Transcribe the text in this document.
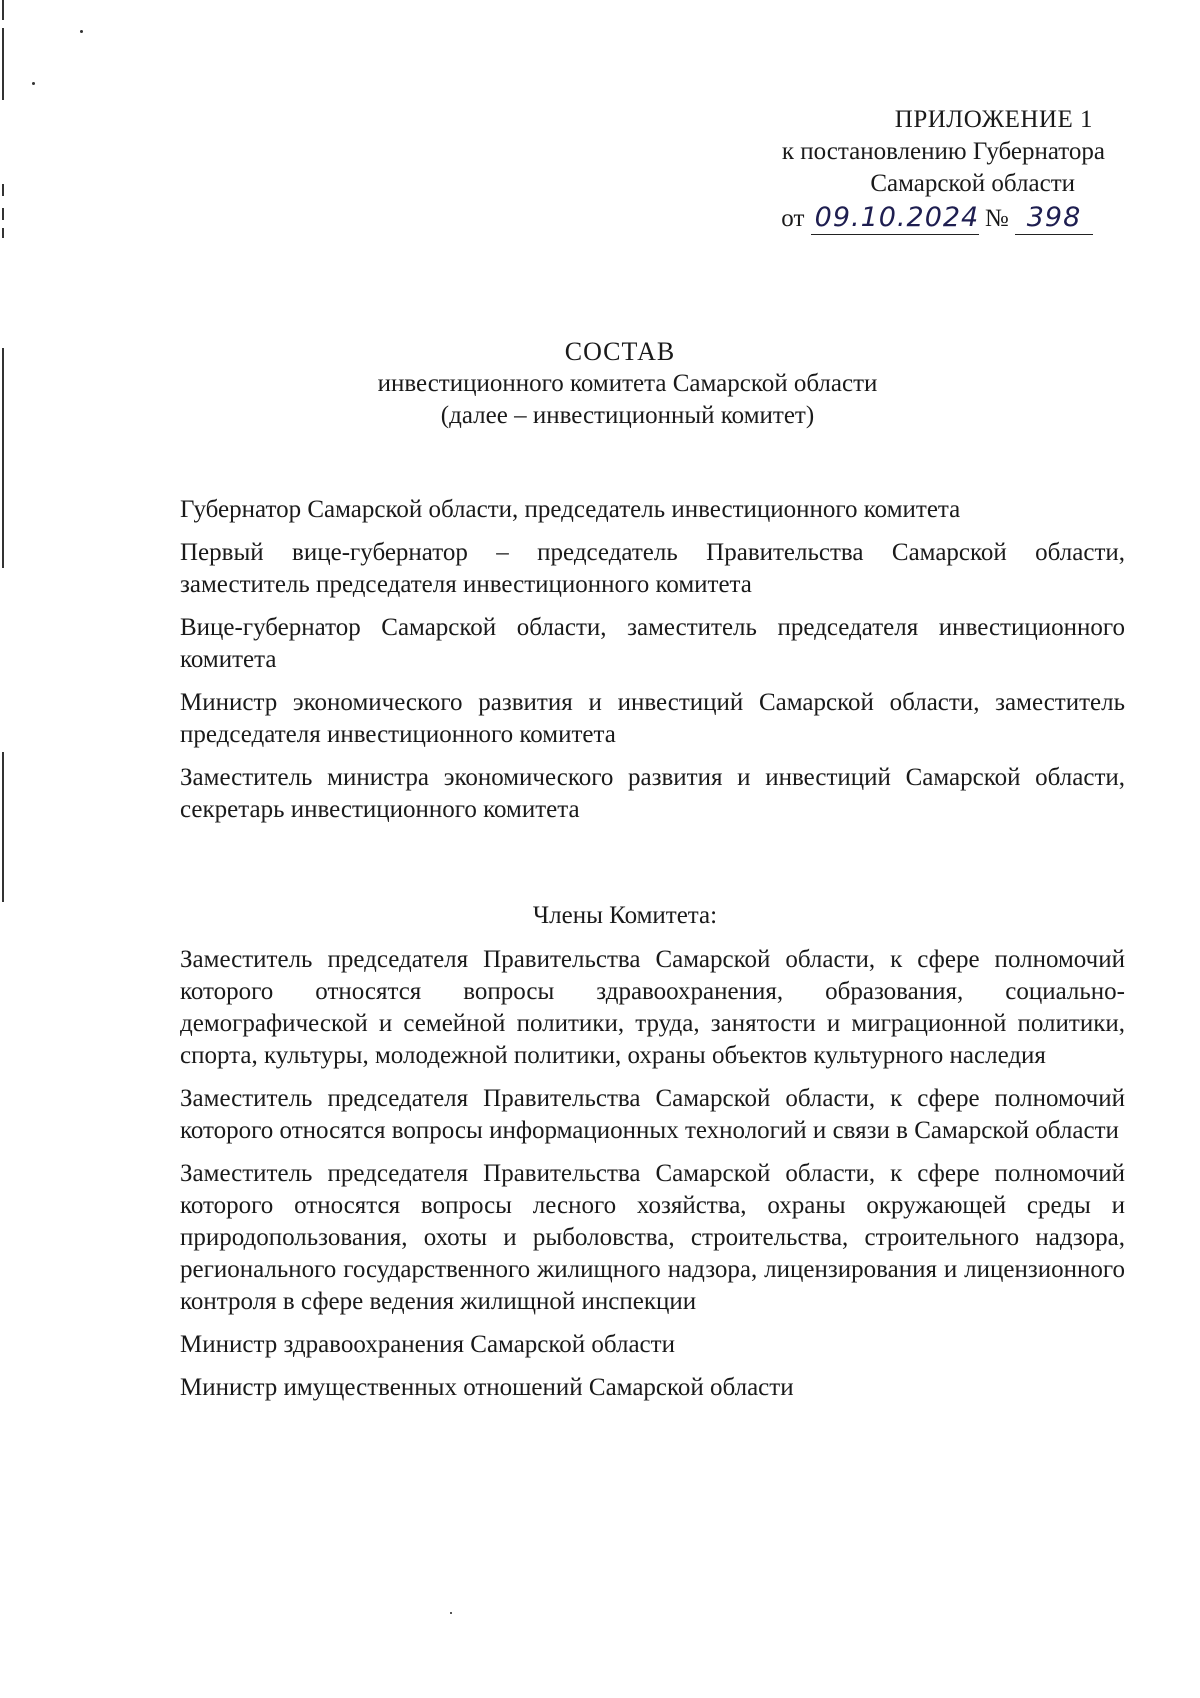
ПРИЛОЖЕНИЕ 1
к постановлению Губернатора
Самарской области
от 09.10.2024 № 398
СОСТАВ
инвестиционного комитета Самарской области
(далее – инвестиционный комитет)

Губернатор Самарской области, председатель инвестиционного комитета

Первый вице-губернатор – председатель Правительства Самарской области, заместитель председателя инвестиционного комитета

Вице-губернатор Самарской области, заместитель председателя инвестиционного комитета

Министр экономического развития и инвестиций Самарской области, заместитель председателя инвестиционного комитета

Заместитель министра экономического развития и инвестиций Самарской области, секретарь инвестиционного комитета

Члены Комитета:

Заместитель председателя Правительства Самарской области, к сфере полномочий которого относятся вопросы здравоохранения, образования, социально-демографической и семейной политики, труда, занятости и миграционной политики, спорта, культуры, молодежной политики, охраны объектов культурного наследия

Заместитель председателя Правительства Самарской области, к сфере полномочий которого относятся вопросы информационных технологий и связи в Самарской области

Заместитель председателя Правительства Самарской области, к сфере полномочий которого относятся вопросы лесного хозяйства, охраны окружающей среды и природопользования, охоты и рыболовства, строительства, строительного надзора, регионального государственного жилищного надзора, лицензирования и лицензионного контроля в сфере ведения жилищной инспекции

Министр здравоохранения Самарской области

Министр имущественных отношений Самарской области
